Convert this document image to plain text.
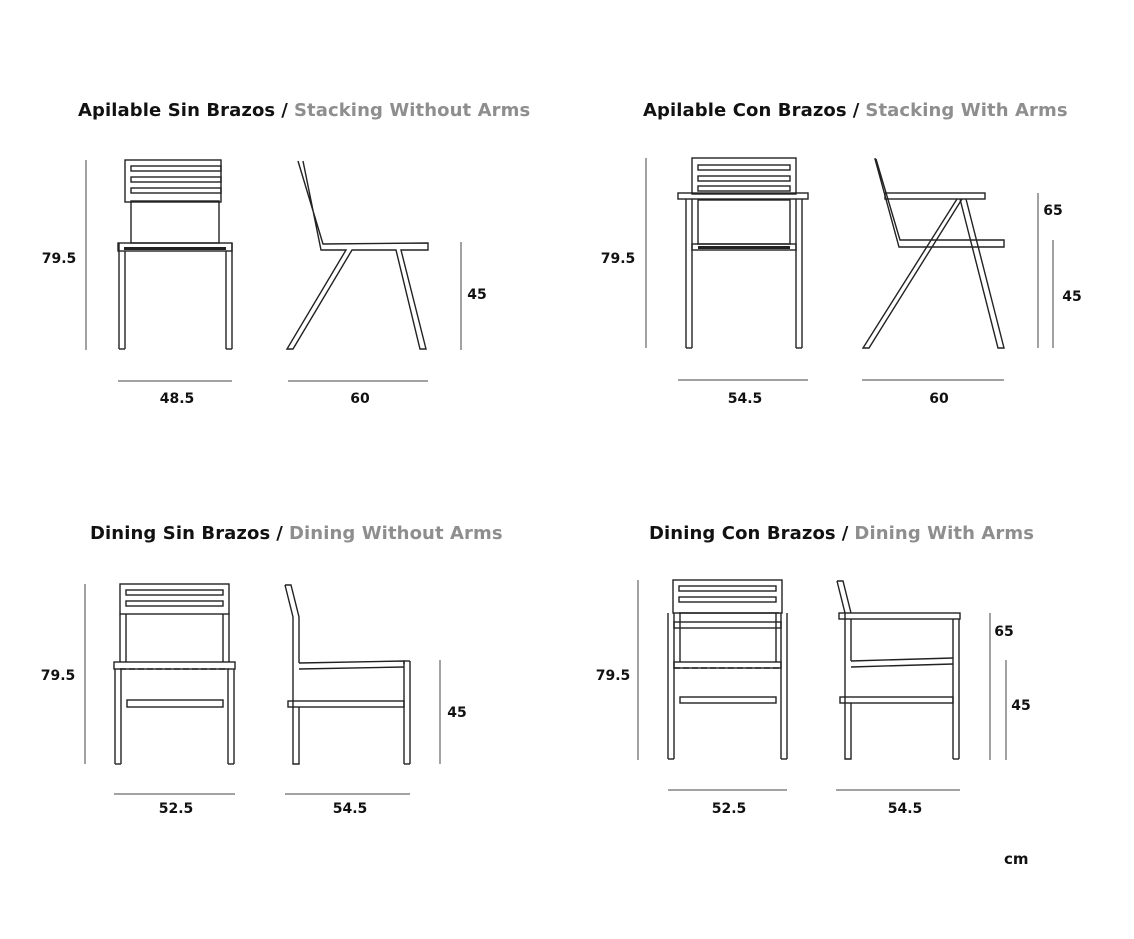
Apilable Sin Brazos / Stacking Without Arms	Apilable Con Brazos / Stacking With Arms
Dining Sin Brazos / Dining Without Arms	Dining Con Brazos / Dining With Arms
79.5
45
48.5	60
79.5
65
45
54.5	60
79.5
45
52.5	54.5
79.5
65
45
52.5	54.5
cm
